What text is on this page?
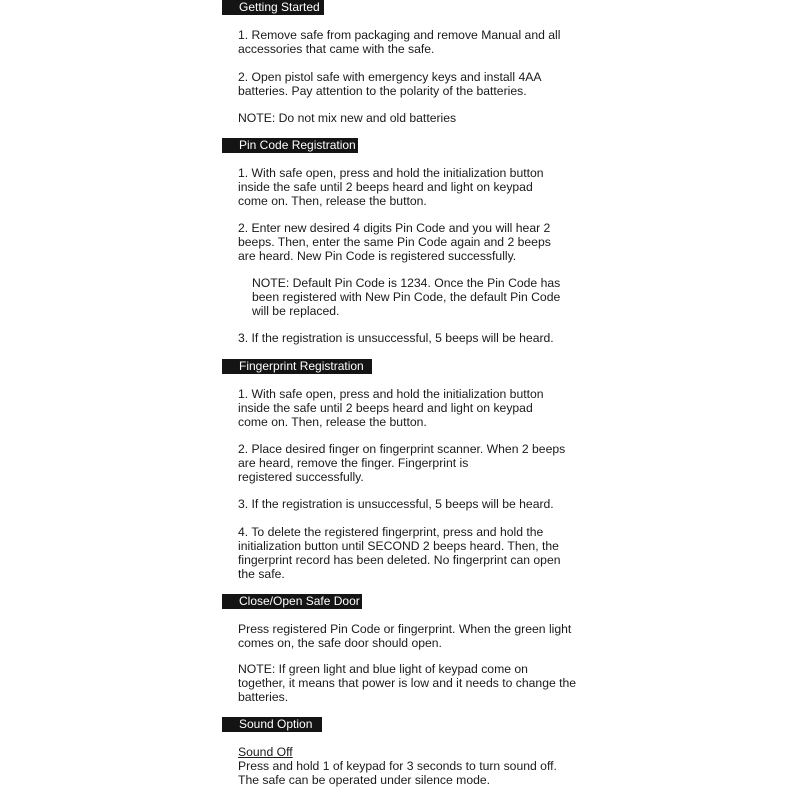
Getting Started

1. Remove safe from packaging and remove Manual and all
accessories that came with the safe.

2. Open pistol safe with emergency keys and install 4AA
batteries. Pay attention to the polarity of the batteries.

NOTE: Do not mix new and old batteries

Pin Code Registration

1. With safe open, press and hold the initialization button
inside the safe until 2 beeps heard and light on keypad
come on. Then, release the button.

2. Enter new desired 4 digits Pin Code and you will hear 2
beeps. Then, enter the same Pin Code again and 2 beeps
are heard. New Pin Code is registered successfully.

NOTE: Default Pin Code is 1234. Once the Pin Code has
been registered with New Pin Code, the default Pin Code
will be replaced.

3. If the registration is unsuccessful, 5 beeps will be heard.

Fingerprint Registration

1. With safe open, press and hold the initialization button
inside the safe until 2 beeps heard and light on keypad
come on. Then, release the button.

2. Place desired finger on fingerprint scanner. When 2 beeps
are heard, remove the finger. Fingerprint is
registered successfully.

3. If the registration is unsuccessful, 5 beeps will be heard.

4. To delete the registered fingerprint, press and hold the
initialization button until SECOND 2 beeps heard. Then, the
fingerprint record has been deleted. No fingerprint can open
the safe.

Close/Open Safe Door

Press registered Pin Code or fingerprint. When the green light
comes on, the safe door should open.

NOTE: If green light and blue light of keypad come on
together, it means that power is low and it needs to change the
batteries.

Sound Option

Sound Off

Press and hold 1 of keypad for 3 seconds to turn sound off.
The safe can be operated under silence mode.
